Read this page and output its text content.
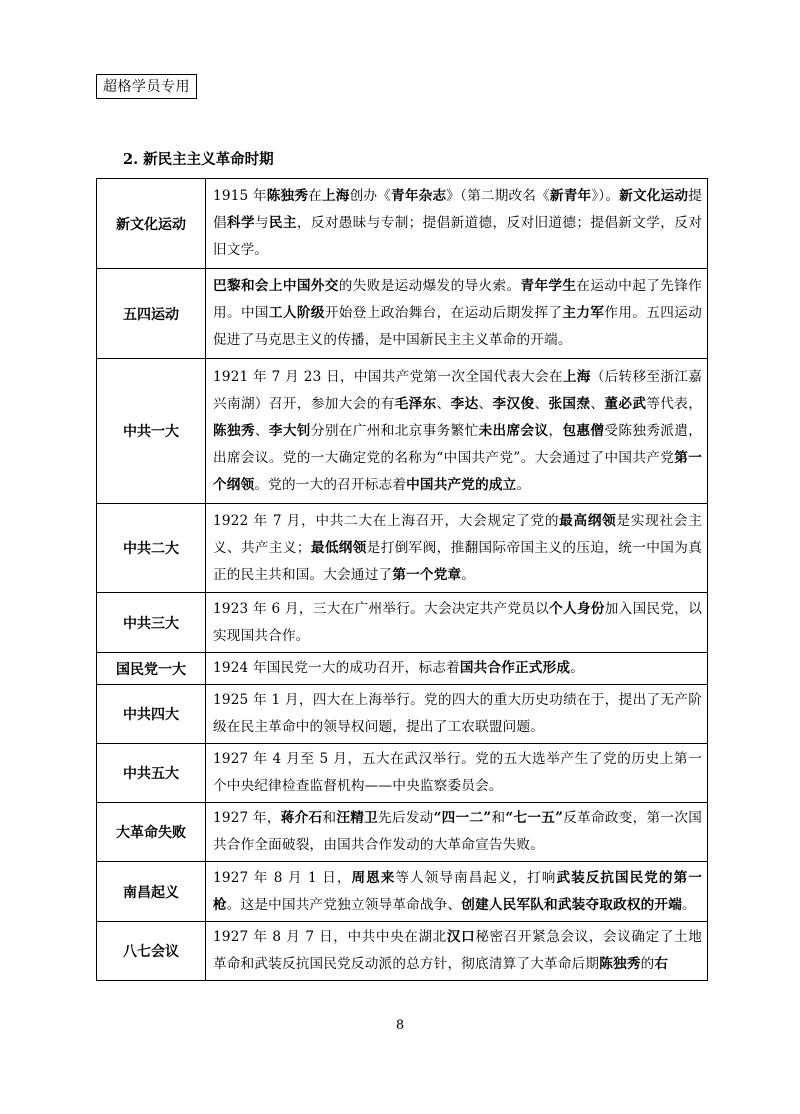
超格学员专用
2. 新民主主义革命时期
新文化运动	1915 年陈独秀在上海创办《青年杂志》（第二期改名《新青年》）。新文化运动提倡科学与民主，反对愚昧与专制；提倡新道德，反对旧道德；提倡新文学，反对旧文学。
五四运动	巴黎和会上中国外交的失败是运动爆发的导火索。青年学生在运动中起了先锋作用。中国工人阶级开始登上政治舞台，在运动后期发挥了主力军作用。五四运动促进了马克思主义的传播，是中国新民主主义革命的开端。
中共一大	1921 年 7 月 23 日，中国共产党第一次全国代表大会在上海（后转移至浙江嘉兴南湖）召开，参加大会的有毛泽东、李达、李汉俊、张国焘、董必武等代表，陈独秀、李大钊分别在广州和北京事务繁忙未出席会议，包惠僧受陈独秀派遣，出席会议。党的一大确定党的名称为“中国共产党”。大会通过了中国共产党第一个纲领。党的一大的召开标志着中国共产党的成立。
中共二大	1922 年 7 月，中共二大在上海召开，大会规定了党的最高纲领是实现社会主义、共产主义；最低纲领是打倒军阀，推翻国际帝国主义的压迫，统一中国为真正的民主共和国。大会通过了第一个党章。
中共三大	1923 年 6 月，三大在广州举行。大会决定共产党员以个人身份加入国民党，以实现国共合作。
国民党一大	1924 年国民党一大的成功召开，标志着国共合作正式形成。
中共四大	1925 年 1 月，四大在上海举行。党的四大的重大历史功绩在于，提出了无产阶级在民主革命中的领导权问题，提出了工农联盟问题。
中共五大	1927 年 4 月至 5 月，五大在武汉举行。党的五大选举产生了党的历史上第一个中央纪律检查监督机构——中央监察委员会。
大革命失败	1927 年，蒋介石和汪精卫先后发动“四一二”和“七一五”反革命政变，第一次国共合作全面破裂，由国共合作发动的大革命宣告失败。
南昌起义	1927 年 8 月 1 日，周恩来等人领导南昌起义，打响武装反抗国民党的第一枪。这是中国共产党独立领导革命战争、创建人民军队和武装夺取政权的开端。
八七会议	1927 年 8 月 7 日，中共中央在湖北汉口秘密召开紧急会议，会议确定了土地革命和武装反抗国民党反动派的总方针，彻底清算了大革命后期陈独秀的右
8
